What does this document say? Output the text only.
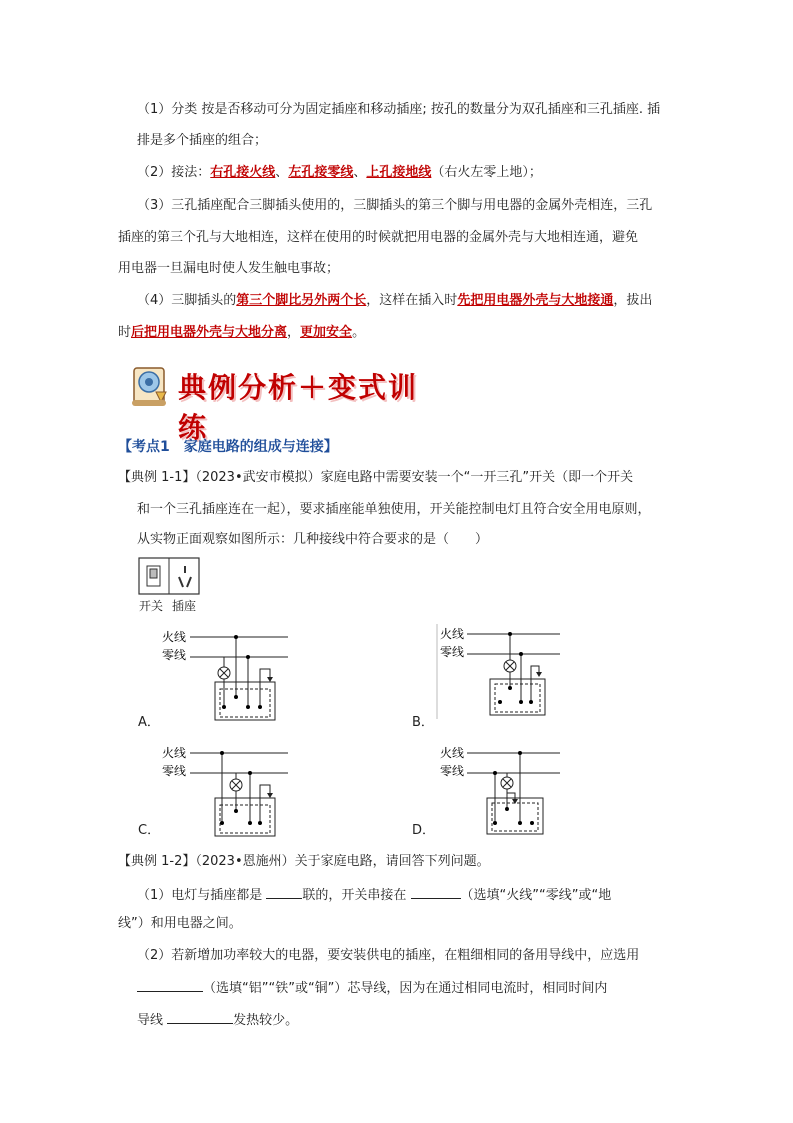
（1）分类 按是否移动可分为固定插座和移动插座; 按孔的数量分为双孔插座和三孔插座. 插
排是多个插座的组合；
（2）接法：右孔接火线、左孔接零线、上孔接地线（右火左零上地）；
（3）三孔插座配合三脚插头使用的，三脚插头的第三个脚与用电器的金属外壳相连，三孔
插座的第三个孔与大地相连，这样在使用的时候就把用电器的金属外壳与大地相连通，避免
用电器一旦漏电时使人发生触电事故；
（4）三脚插头的第三个脚比另外两个长，这样在插入时先把用电器外壳与大地接通，拔出
时后把用电器外壳与大地分离，更加安全。
典例分析＋变式训练
【考点1　家庭电路的组成与连接】
【典例 1-1】（2023•武安市模拟）家庭电路中需要安装一个“一开三孔”开关（即一个开关
和一个三孔插座连在一起），要求插座能单独使用，开关能控制电灯且符合安全用电原则，
从实物正面观察如图所示：几种接线中符合要求的是（　　）
开关 插座
火线
零线
A．
火线
零线
B．
火线
零线
C．
火线
零线
D．
【典例 1-2】（2023•恩施州）关于家庭电路，请回答下列问题。
（1）电灯与插座都是	联的，开关串接在	（选填“火线”“零线”或“地
线”）和用电器之间。
（2）若新增加功率较大的电器，要安装供电的插座，在粗细相同的备用导线中，应选用
（选填“铝”“铁”或“铜”）芯导线，因为在通过相同电流时，相同时间内
导线	发热较少。
